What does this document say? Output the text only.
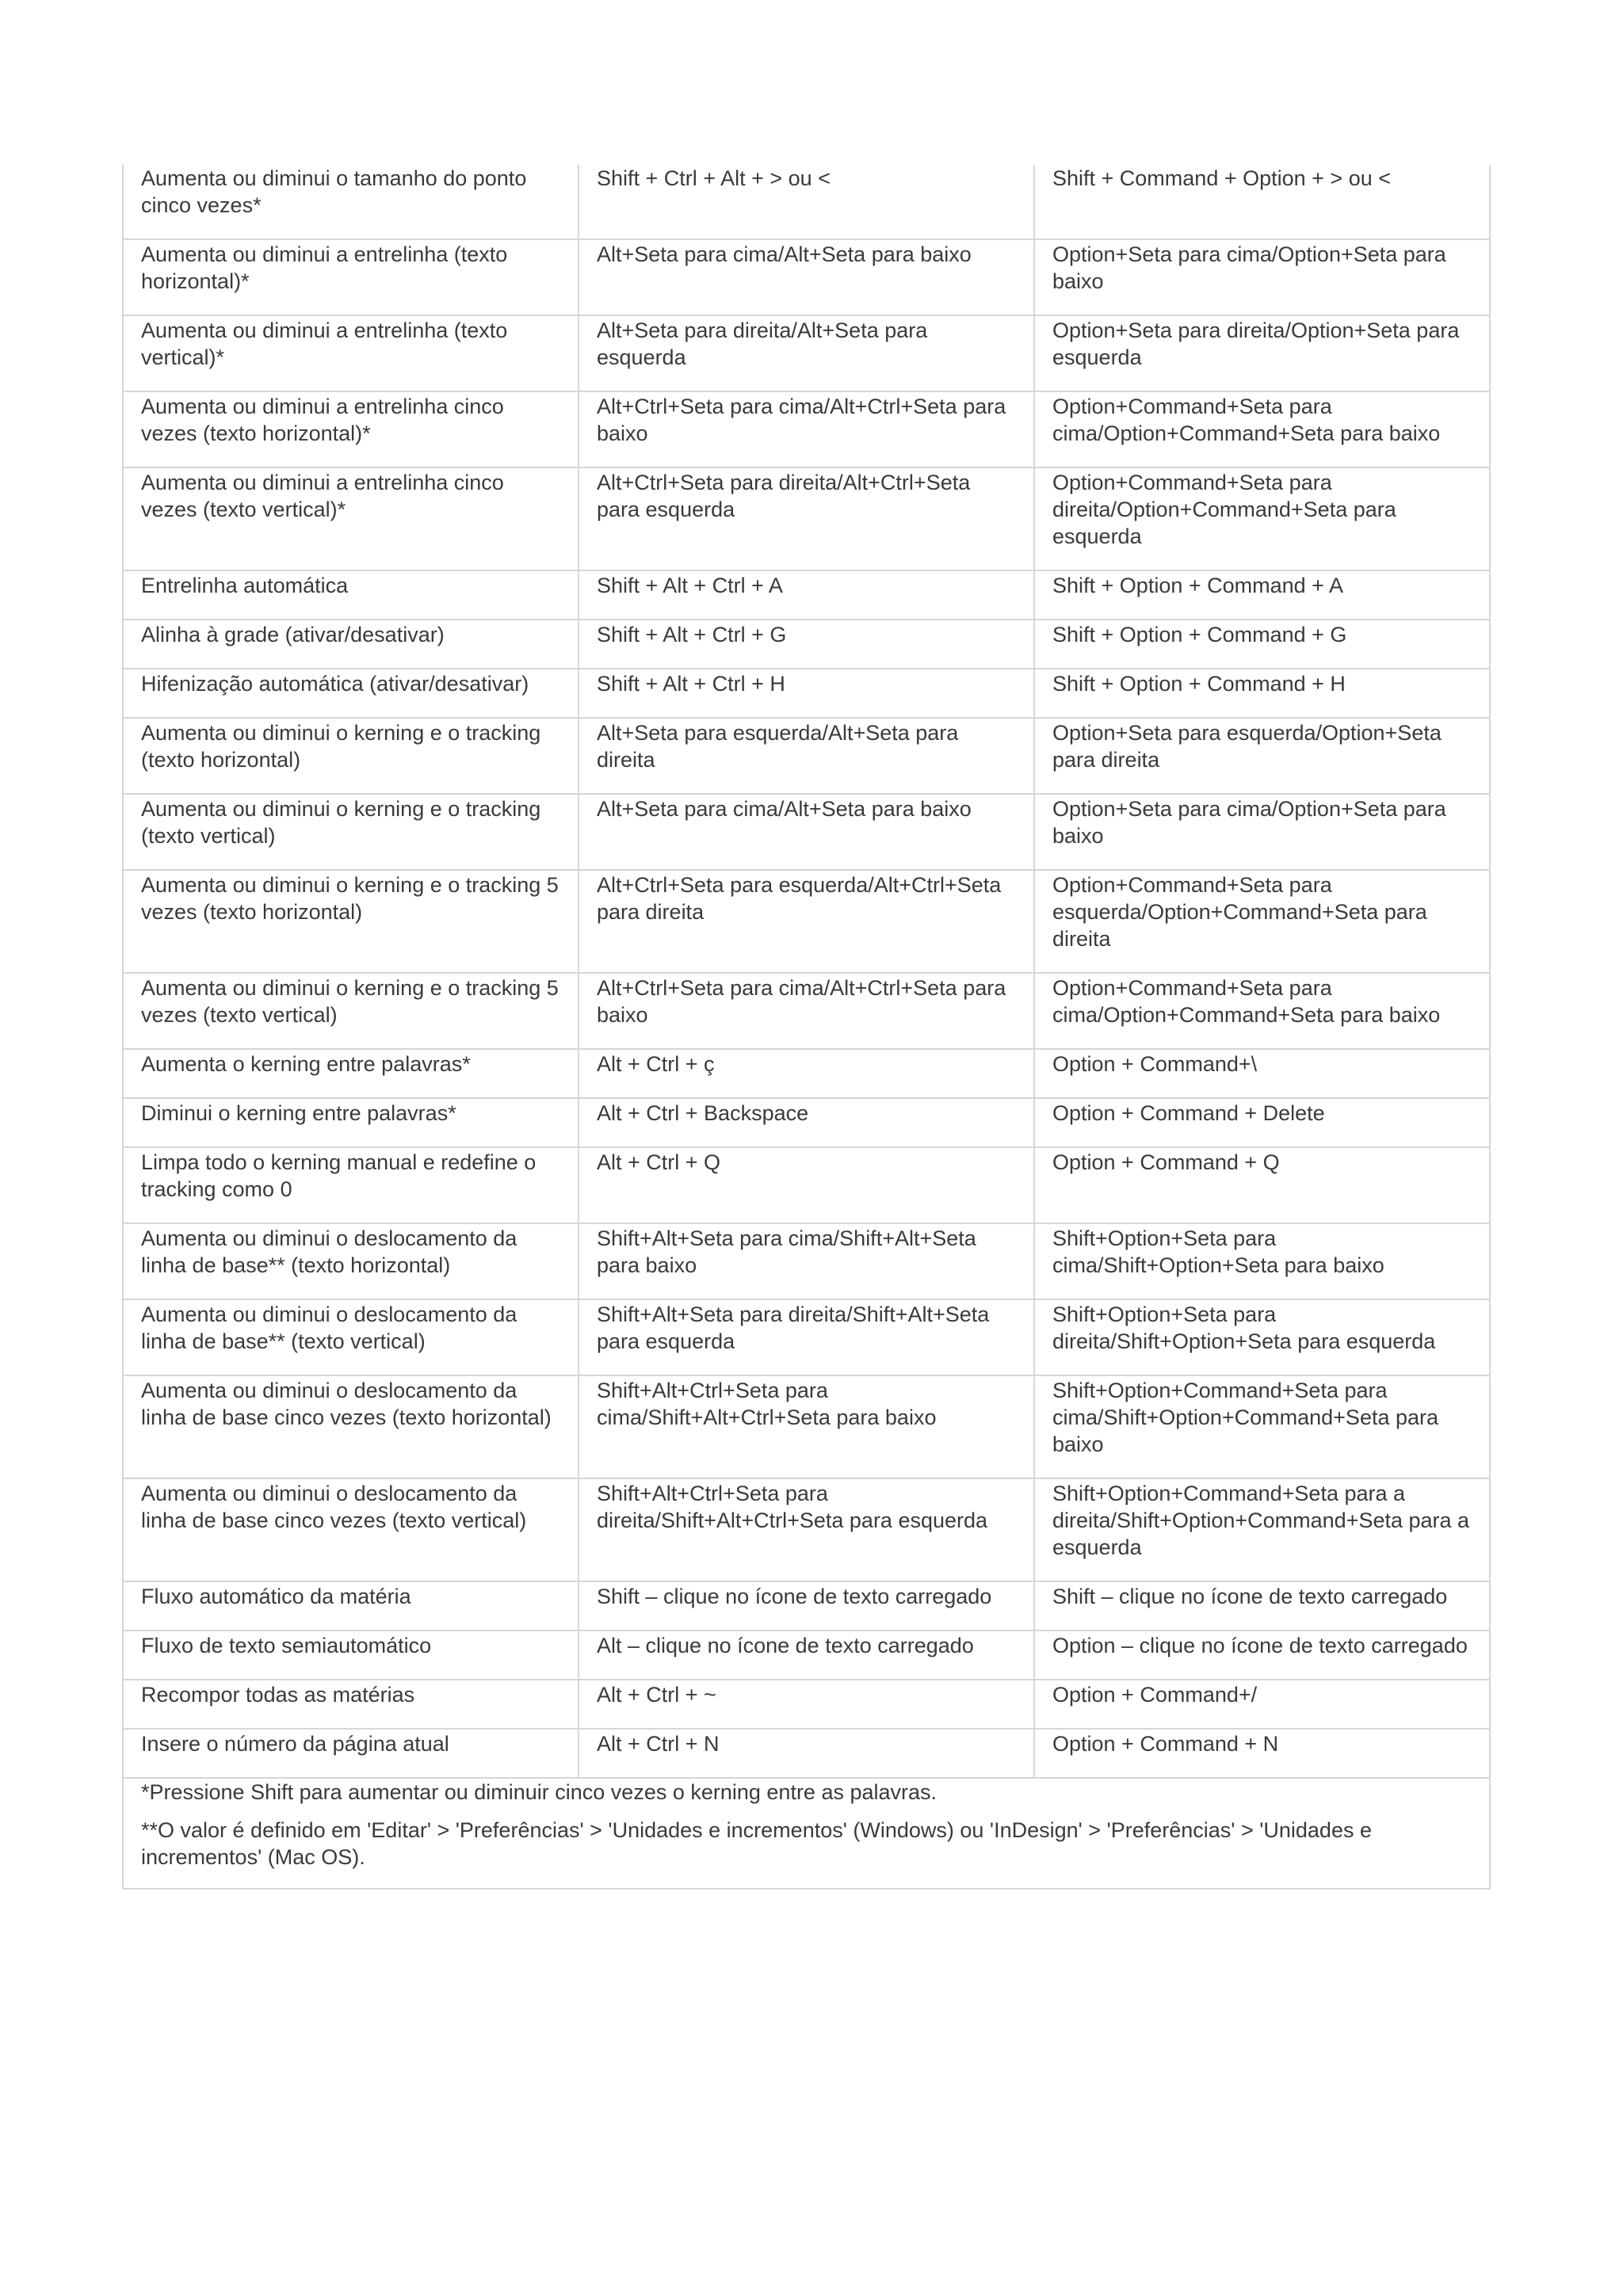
Aumenta ou diminui o tamanho do ponto cinco vezes*	Shift + Ctrl + Alt + > ou <	Shift + Command + Option + > ou <
Aumenta ou diminui a entrelinha (texto horizontal)*	Alt+Seta para cima/Alt+Seta para baixo	Option+Seta para cima/Option+Seta para baixo
Aumenta ou diminui a entrelinha (texto vertical)*	Alt+Seta para direita/Alt+Seta para esquerda	Option+Seta para direita/Option+Seta para esquerda
Aumenta ou diminui a entrelinha cinco vezes (texto horizontal)*	Alt+Ctrl+Seta para cima/Alt+Ctrl+Seta para baixo	Option+Command+Seta para cima/Option+Command+Seta para baixo
Aumenta ou diminui a entrelinha cinco vezes (texto vertical)*	Alt+Ctrl+Seta para direita/Alt+Ctrl+Seta para esquerda	Option+Command+Seta para direita/Option+Command+Seta para esquerda
Entrelinha automática	Shift + Alt + Ctrl + A	Shift + Option + Command + A
Alinha à grade (ativar/desativar)	Shift + Alt + Ctrl + G	Shift + Option + Command + G
Hifenização automática (ativar/desativar)	Shift + Alt + Ctrl + H	Shift + Option + Command + H
Aumenta ou diminui o kerning e o tracking (texto horizontal)	Alt+Seta para esquerda/Alt+Seta para direita	Option+Seta para esquerda/Option+Seta para direita
Aumenta ou diminui o kerning e o tracking (texto vertical)	Alt+Seta para cima/Alt+Seta para baixo	Option+Seta para cima/Option+Seta para baixo
Aumenta ou diminui o kerning e o tracking 5 vezes (texto horizontal)	Alt+Ctrl+Seta para esquerda/Alt+Ctrl+Seta para direita	Option+Command+Seta para esquerda/Option+Command+Seta para direita
Aumenta ou diminui o kerning e o tracking 5 vezes (texto vertical)	Alt+Ctrl+Seta para cima/Alt+Ctrl+Seta para baixo	Option+Command+Seta para cima/Option+Command+Seta para baixo
Aumenta o kerning entre palavras*	Alt + Ctrl + ç	Option + Command+\
Diminui o kerning entre palavras*	Alt + Ctrl + Backspace	Option + Command + Delete
Limpa todo o kerning manual e redefine o tracking como 0	Alt + Ctrl + Q	Option + Command + Q
Aumenta ou diminui o deslocamento da linha de base** (texto horizontal)	Shift+Alt+Seta para cima/Shift+Alt+Seta para baixo	Shift+Option+Seta para cima/Shift+Option+Seta para baixo
Aumenta ou diminui o deslocamento da linha de base** (texto vertical)	Shift+Alt+Seta para direita/Shift+Alt+Seta para esquerda	Shift+Option+Seta para direita/Shift+Option+Seta para esquerda
Aumenta ou diminui o deslocamento da linha de base cinco vezes (texto horizontal)	Shift+Alt+Ctrl+Seta para cima/Shift+Alt+Ctrl+Seta para baixo	Shift+Option+Command+Seta para cima/Shift+Option+Command+Seta para baixo
Aumenta ou diminui o deslocamento da linha de base cinco vezes (texto vertical)	Shift+Alt+Ctrl+Seta para direita/Shift+Alt+Ctrl+Seta para esquerda	Shift+Option+Command+Seta para a direita/Shift+Option+Command+Seta para a esquerda
Fluxo automático da matéria	Shift – clique no ícone de texto carregado	Shift – clique no ícone de texto carregado
Fluxo de texto semiautomático	Alt – clique no ícone de texto carregado	Option – clique no ícone de texto carregado
Recompor todas as matérias	Alt + Ctrl + ~	Option + Command+/
Insere o número da página atual	Alt + Ctrl + N	Option + Command + N

*Pressione Shift para aumentar ou diminuir cinco vezes o kerning entre as palavras.

**O valor é definido em 'Editar' > 'Preferências' > 'Unidades e incrementos' (Windows) ou 'InDesign' > 'Preferências' > 'Unidades e incrementos' (Mac OS).		
